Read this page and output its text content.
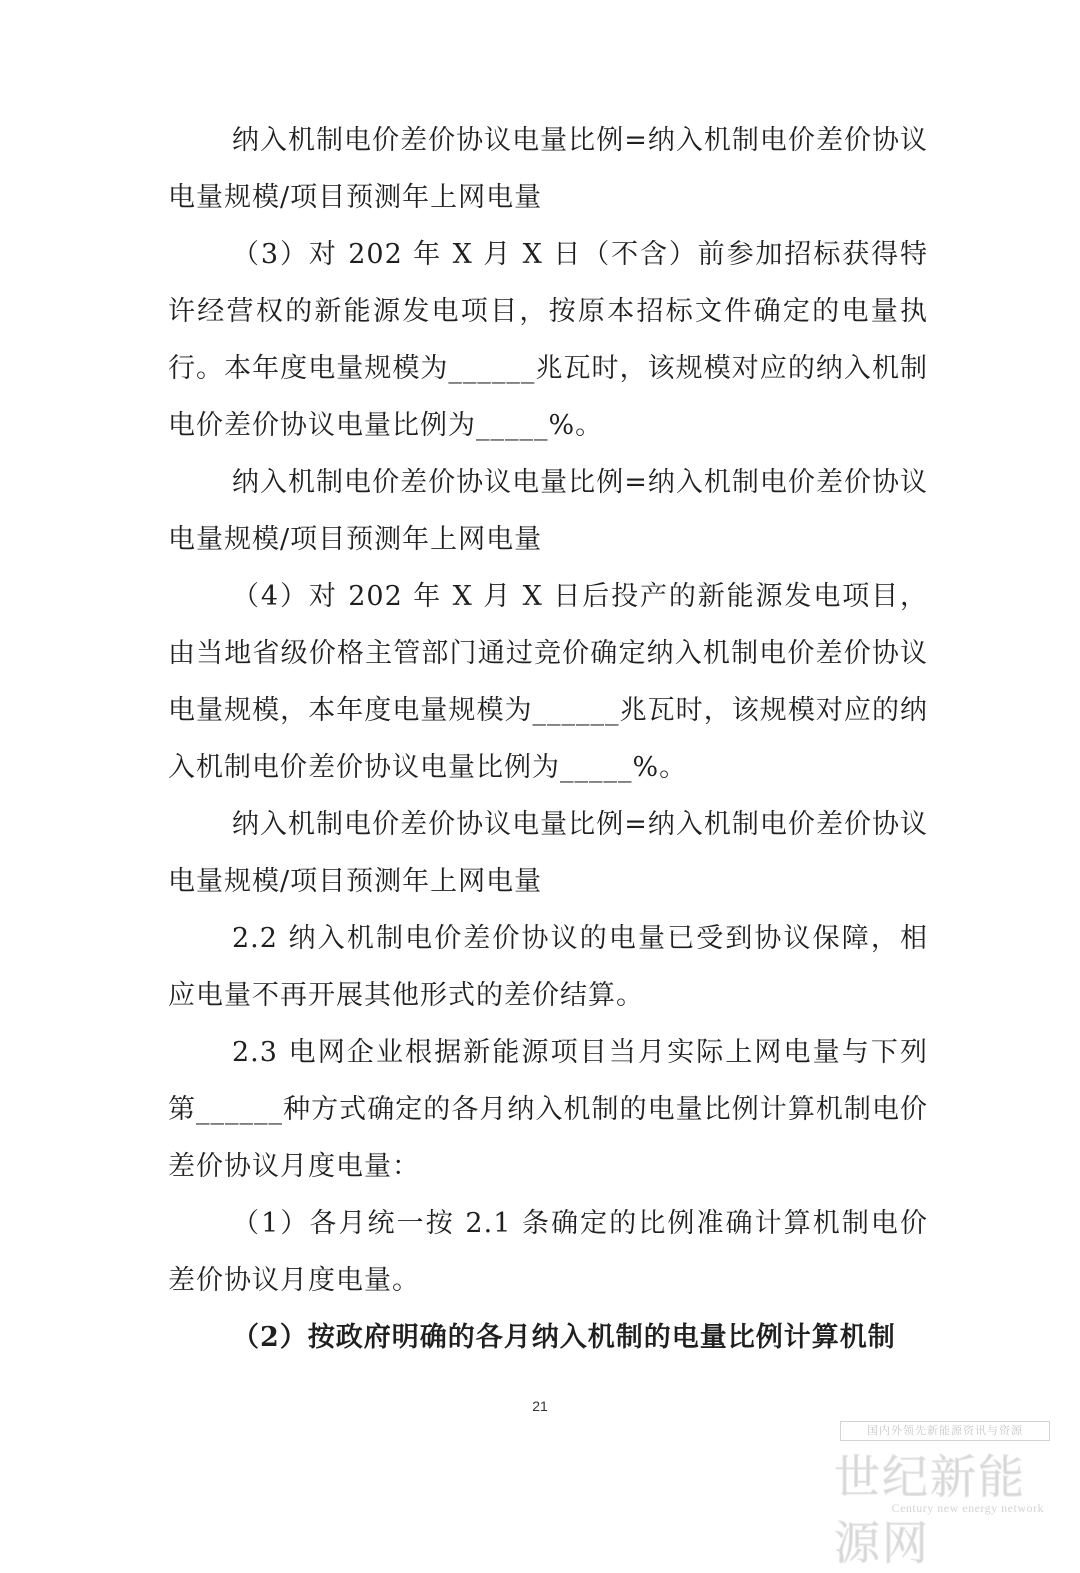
纳入机制电价差价协议电量比例=纳入机制电价差价协议电量规模/项目预测年上网电量

（3）对 202 年 X 月 X 日（不含）前参加招标获得特许经营权的新能源发电项目，按原本招标文件确定的电量执行。本年度电量规模为______兆瓦时，该规模对应的纳入机制电价差价协议电量比例为_____%。

纳入机制电价差价协议电量比例=纳入机制电价差价协议电量规模/项目预测年上网电量

（4）对 202 年 X 月 X 日后投产的新能源发电项目，由当地省级价格主管部门通过竞价确定纳入机制电价差价协议电量规模，本年度电量规模为______兆瓦时，该规模对应的纳入机制电价差价协议电量比例为_____%。

纳入机制电价差价协议电量比例=纳入机制电价差价协议电量规模/项目预测年上网电量

2.2 纳入机制电价差价协议的电量已受到协议保障，相应电量不再开展其他形式的差价结算。

2.3 电网企业根据新能源项目当月实际上网电量与下列第______种方式确定的各月纳入机制的电量比例计算机制电价差价协议月度电量：

（1）各月统一按 2.1 条确定的比例准确计算机制电价差价协议月度电量。

（2）按政府明确的各月纳入机制的电量比例计算机制

21
国内外领先新能源资讯与资源
世纪新能源网
Century new energy network
